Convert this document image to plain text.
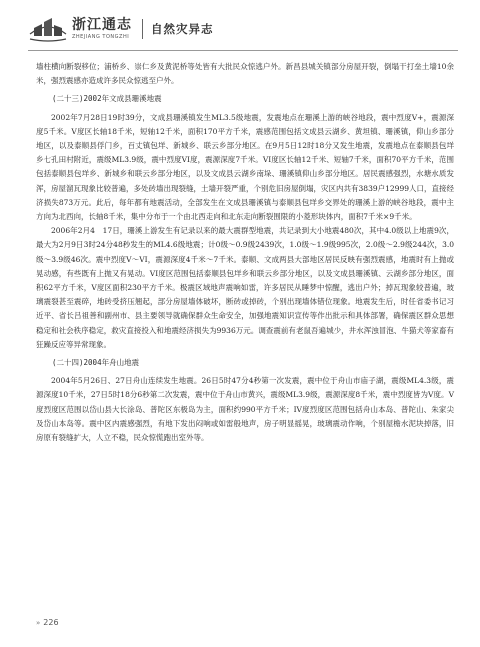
浙江通志
ZHEJIANG TONGZHI
自然灾异志

墙柱横向断裂移位；浦桥乡、崇仁乡及黄泥桥等处皆有大批民众惊逃户外。新昌县城关镇部分房屋开裂，倒塌干打垒土墙10余米，强烈震感亦造成许多民众惊逃至户外。

(二十三)2002年文成县珊溪地震

2002年7月28日19时39分，文成县珊溪镇发生ML3.5级地震，发震地点在珊溪上游的峡谷地段，震中烈度V+，震源深度5千米。V度区长轴18千米，短轴12千米，面积170平方千米，震感范围包括文成县云湖乡、黄坦镇、珊溪镇，仰山乡部分地区，以及泰顺县俘门乡，百丈镇包垟、新城乡、联云乡部分地区。在9月5日12时18分又发生地震，发震地点在泰顺县包垟乡七孔田村附近，震级ML3.9级，震中烈度VI度，震源深度7千米。VI度区长轴12千米、短轴7千米，面积70平方千米，范围包括泰顺县包垟乡、新城乡和联云乡部分地区，以及文成县云湖乡南垛、珊溪镇仰山乡部分地区。居民震感强烈，水塘水质发浑，房屋溜瓦现象比较普遍，多处砖墙出现裂缝，土墙开裂严重，个别危旧房屋倒塌，灾区内共有3839户12999人口，直接经济损失873万元。此后，每年都有地震活动，全部发生在文成县珊溪镇与泰顺县包垟乡交界处的珊溪上游的峡谷地段，震中主方向为北西向，长轴8千米，集中分布于一个由北西走向和北东走向断裂围限的小菱形块体内，面积7千米×9千米。

2006年2月4　17日，珊溪上游发生有记录以来的最大震群型地震，共记录到大小地震480次，其中4.0级以上地震9次，最大为2月9日3时24分48秒发生的ML4.6级地震；计0级～0.9级2439次，1.0级～1.9级995次，2.0级～2.9级244次，3.0级～3.9级46次。震中烈度V～VI，震源深度4千米～7千米。泰顺、文成两县大部地区居民反映有强烈震感，地震时有上抛或晃动感，有些既有上抛又有晃动。VI度区范围包括泰顺县包垟乡和联云乡部分地区，以及文成县珊溪镇、云湖乡部分地区，面积62平方千米，V度区面积230平方千米。极震区域地声震响如雷，许多居民从睡梦中惊醒，逃出户外；掉瓦现象较普遍，玻璃震裂甚至震碎，地砖受挤压翘起，部分房屋墙体破坏，断砖或掉砖，个别出现墙体错位现象。地震发生后，时任省委书记习近平、省长吕祖善和副州市、县主要领导就确保群众生命安全，加强地震知识宣传等作出批示和具体部署，确保震区群众思想稳定和社会秩序稳定，救灾直接投入和地震经济损失为9936万元。调查震前有老鼠吾遍城少，井水浑浊冒泡、牛猫犬等家畜有狂躁反应等异常现象。

(二十四)2004年舟山地震

2004年5月26日、27日舟山连续发生地震。26日5时47分4秒第一次发震，震中位于舟山市庙子湖，震级ML4.3级，震源深度10千米，27日5时18分6秒第二次发震，震中位于舟山市黄兴，震级ML3.9级，震源深度8千米，震中烈度皆为V度。V度烈度区范围以岱山县大长涂岛、普陀区东极岛为主，面积约990平方千米；IV度烈度区范围包括舟山本岛、普陀山、朱家尖及岱山本岛等。震中区内震感强烈，有地下发出闷响或如雷般地声，房子明显摇晃，玻璃震动作响，个别屋檐水泥块掉落，旧房原有裂缝扩大，人立不稳，民众惊慌跑出室外等。

» 226
